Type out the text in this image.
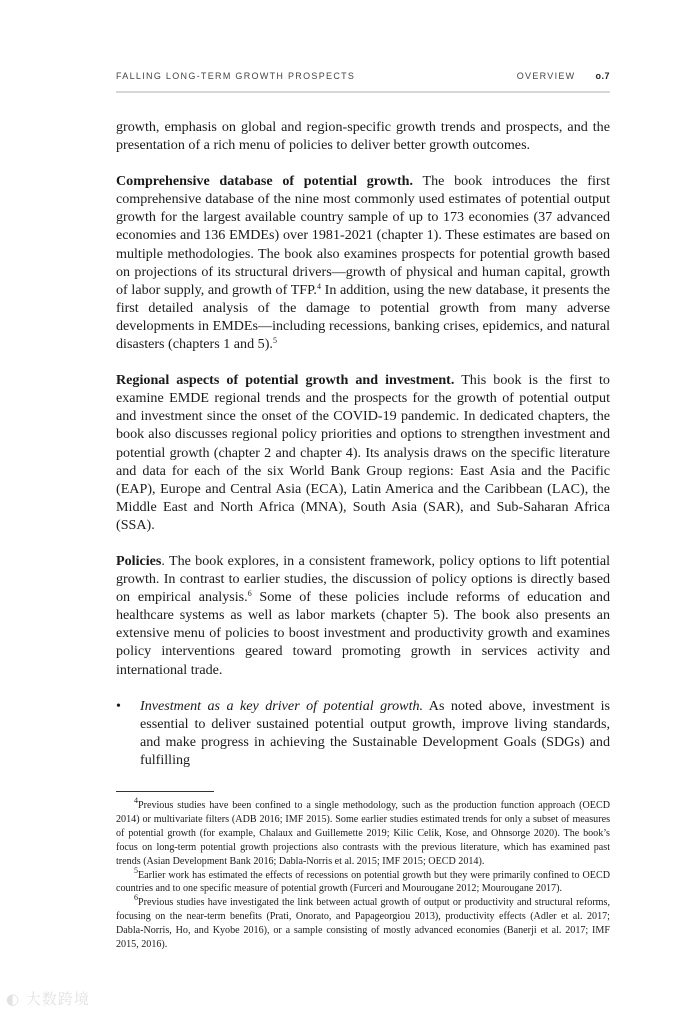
FALLING LONG-TERM GROWTH PROSPECTS	OVERVIEW o.7
growth, emphasis on global and region-specific growth trends and prospects, and the presentation of a rich menu of policies to deliver better growth outcomes.
Comprehensive database of potential growth. The book introduces the first comprehensive database of the nine most commonly used estimates of potential output growth for the largest available country sample of up to 173 economies (37 advanced economies and 136 EMDEs) over 1981-2021 (chapter 1). These estimates are based on multiple methodologies. The book also examines prospects for potential growth based on projections of its structural drivers—growth of physical and human capital, growth of labor supply, and growth of TFP.$^4$ In addition, using the new database, it presents the first detailed analysis of the damage to potential growth from many adverse developments in EMDEs—including recessions, banking crises, epidemics, and natural disasters (chapters 1 and 5).$^5$
Regional aspects of potential growth and investment. This book is the first to examine EMDE regional trends and the prospects for the growth of potential output and investment since the onset of the COVID-19 pandemic. In dedicated chapters, the book also discusses regional policy priorities and options to strengthen investment and potential growth (chapter 2 and chapter 4). Its analysis draws on the specific literature and data for each of the six World Bank Group regions: East Asia and the Pacific (EAP), Europe and Central Asia (ECA), Latin America and the Caribbean (LAC), the Middle East and North Africa (MNA), South Asia (SAR), and Sub-Saharan Africa (SSA).
Policies. The book explores, in a consistent framework, policy options to lift potential growth. In contrast to earlier studies, the discussion of policy options is directly based on empirical analysis.$^6$ Some of these policies include reforms of education and healthcare systems as well as labor markets (chapter 5). The book also presents an extensive menu of policies to boost investment and productivity growth and examines policy interventions geared toward promoting growth in services activity and international trade.
• Investment as a key driver of potential growth. As noted above, investment is essential to deliver sustained potential output growth, improve living standards, and make progress in achieving the Sustainable Development Goals (SDGs) and fulfilling
$^4$Previous studies have been confined to a single methodology, such as the production function approach (OECD 2014) or multivariate filters (ADB 2016; IMF 2015). Some earlier studies estimated trends for only a subset of measures of potential growth (for example, Chalaux and Guillemette 2019; Kilic Celik, Kose, and Ohnsorge 2020). The book’s focus on long-term potential growth projections also contrasts with the previous literature, which has examined past trends (Asian Development Bank 2016; Dabla-Norris et al. 2015; IMF 2015; OECD 2014).
$^5$Earlier work has estimated the effects of recessions on potential growth but they were primarily confined to OECD countries and to one specific measure of potential growth (Furceri and Mourougane 2012; Mourougane 2017).
$^6$Previous studies have investigated the link between actual growth of output or productivity and structural reforms, focusing on the near-term benefits (Prati, Onorato, and Papageorgiou 2013), productivity effects (Adler et al. 2017; Dabla-Norris, Ho, and Kyobe 2016), or a sample consisting of mostly advanced economies (Banerji et al. 2017; IMF 2015, 2016).
◐ 大数跨境
